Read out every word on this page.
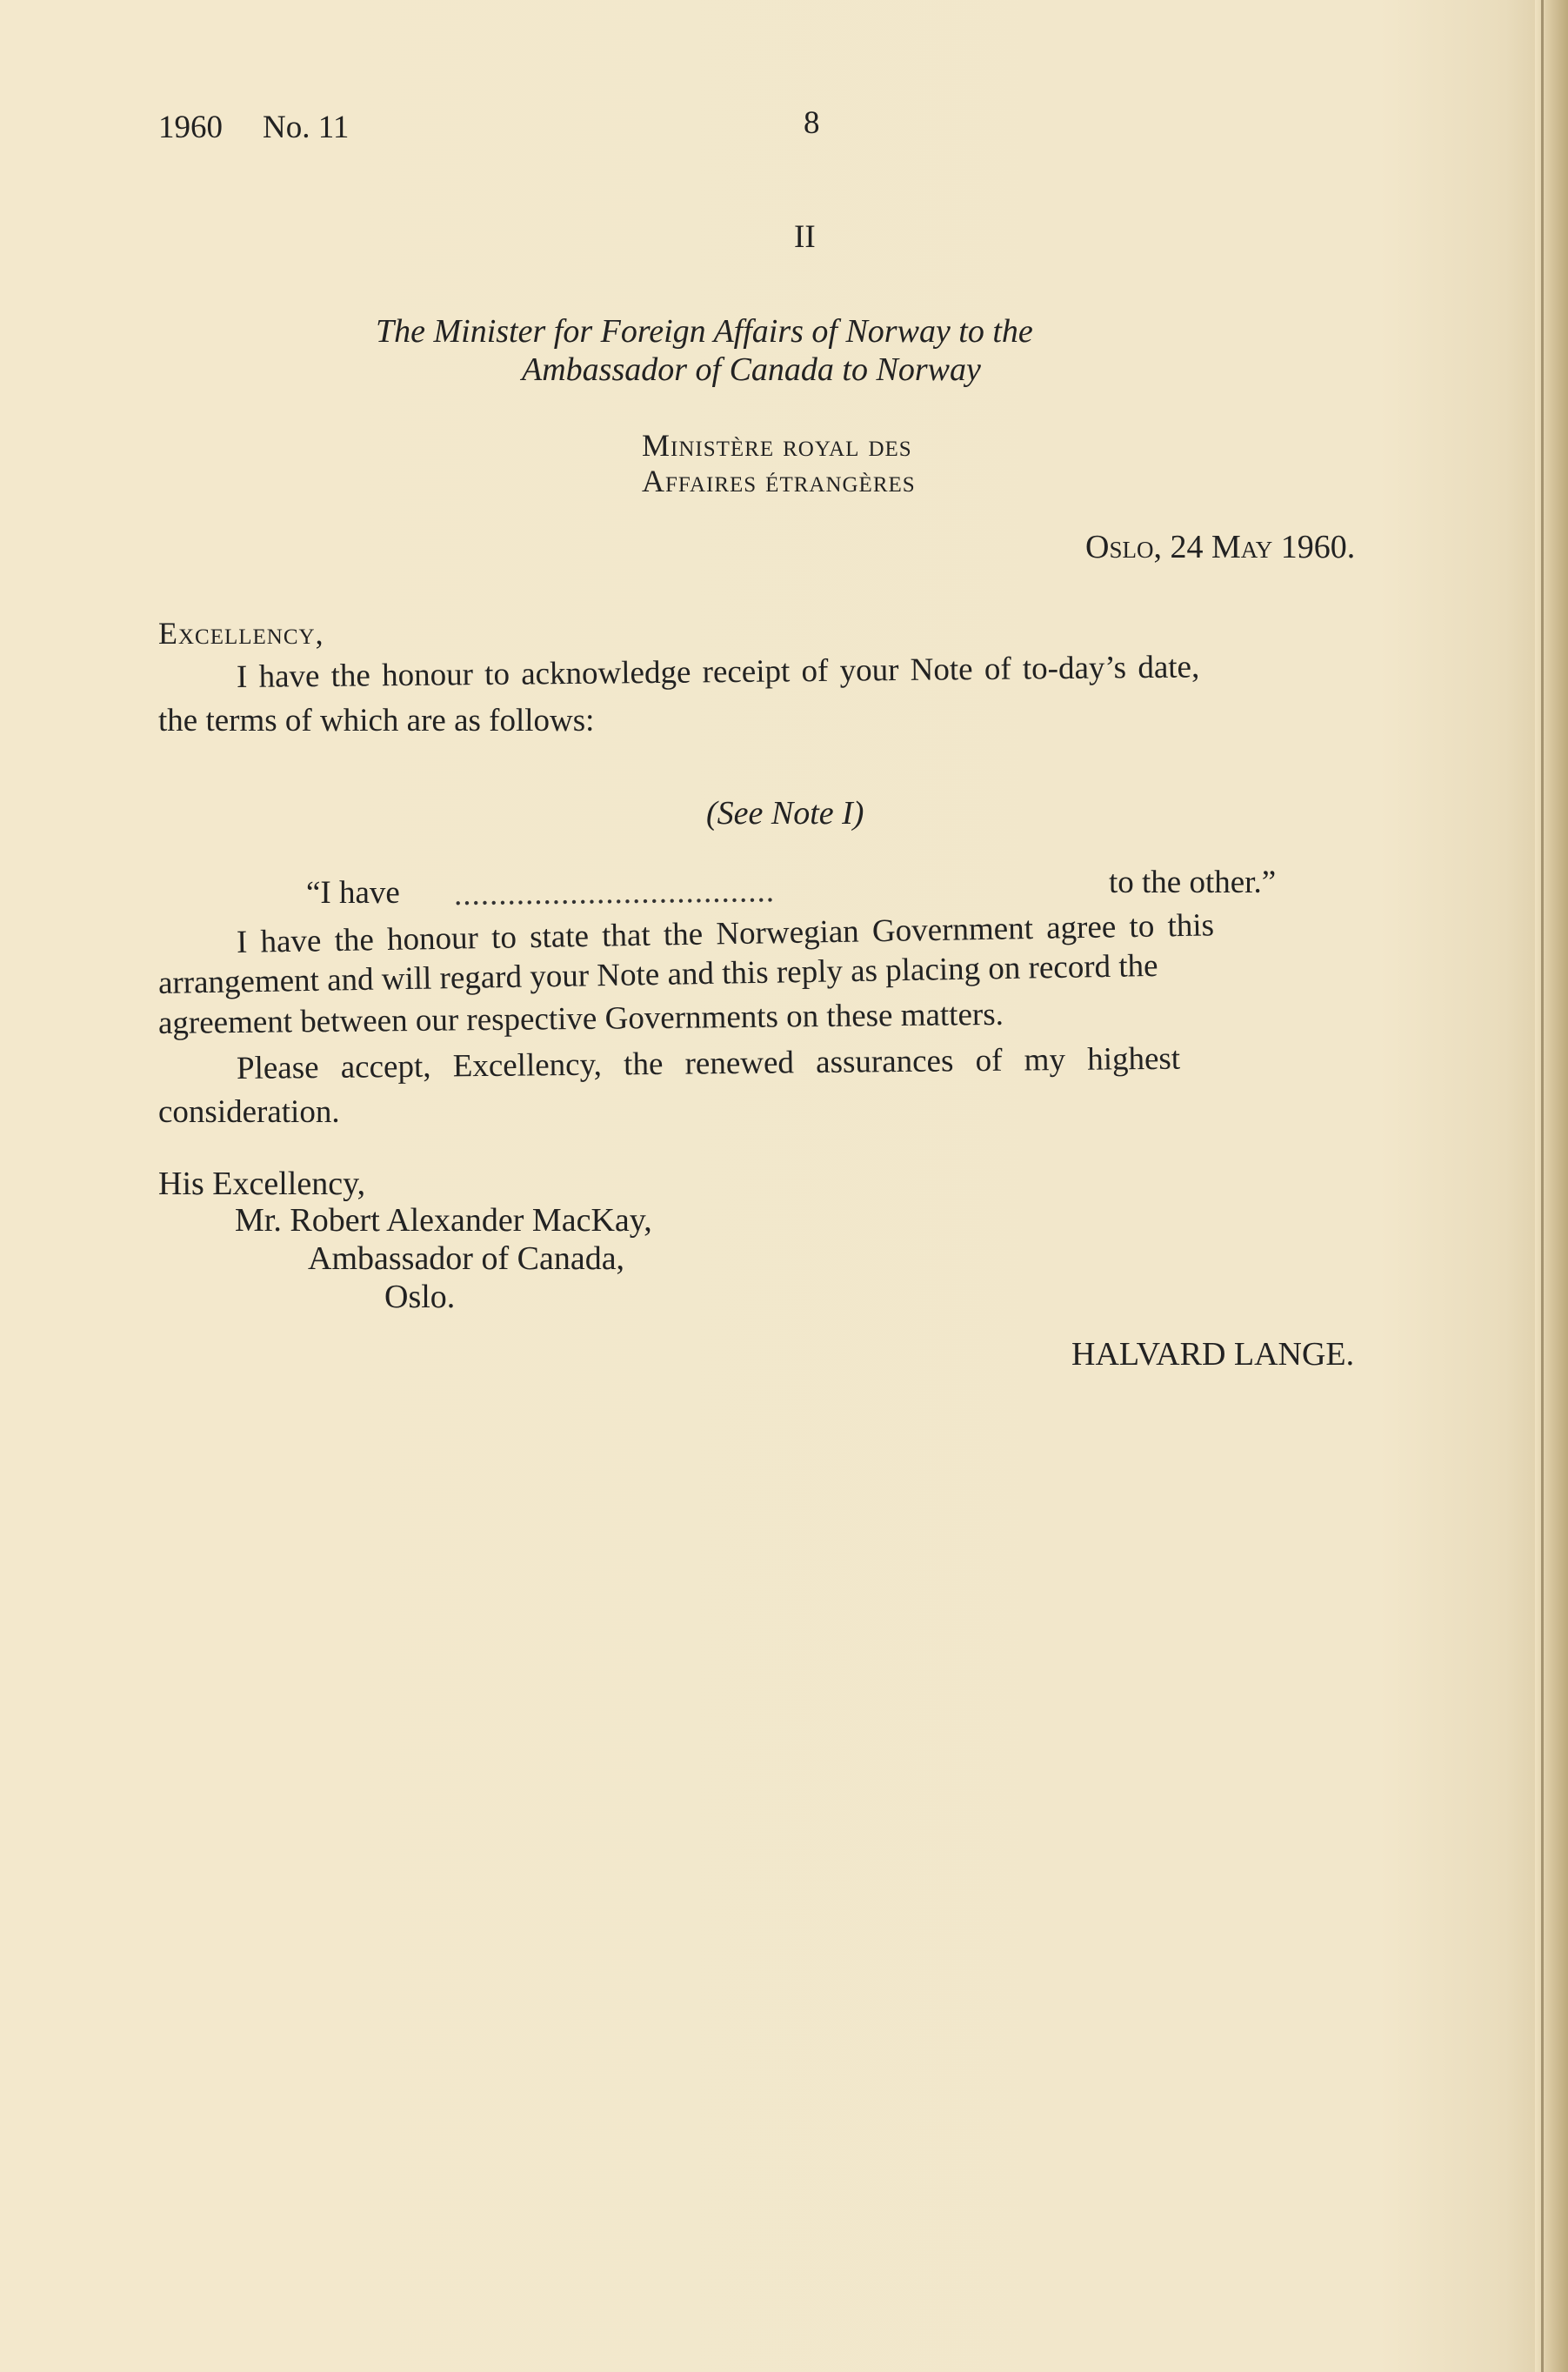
1960 No. 11	8
II
The Minister for Foreign Affairs of Norway to the
Ambassador of Canada to Norway
Ministère royal des
Affaires étrangères
Oslo, 24 May 1960.
Excellency,
I have the honour to acknowledge receipt of your Note of to-day’s date,
the terms of which are as follows:
(See Note I)
“I have ....................................	to the other.”
I have the honour to state that the Norwegian Government agree to this
arrangement and will regard your Note and this reply as placing on record the
agreement between our respective Governments on these matters.
Please accept, Excellency, the renewed assurances of my highest
consideration.
His Excellency,
Mr. Robert Alexander MacKay,
Ambassador of Canada,
Oslo.
HALVARD LANGE.
